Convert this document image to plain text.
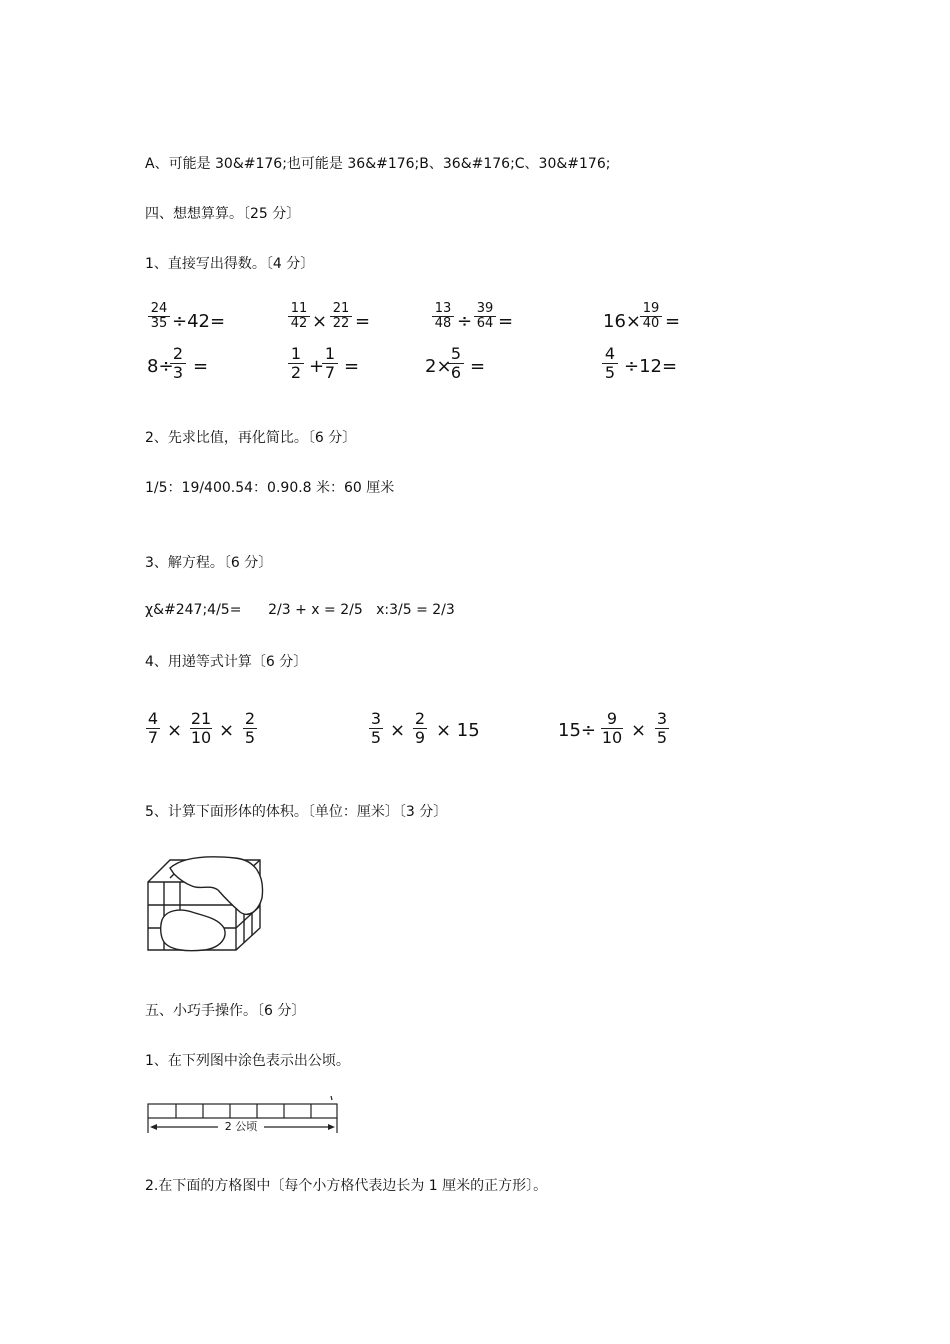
A、可能是 30&#176;也可能是 36&#176;B、36&#176;C、30&#176;
四、想想算算。〔25 分〕
1、直接写出得数。〔4 分〕
24
35 ÷42=
11
42 ×
21
22 =
13
48 ÷
39
64 =	16×
19
40 =
8÷
2
3 =
1
2 +
1
7 =	2×
5
6 =
4
5 ÷12=
2、先求比值，再化简比。〔6 分〕
1/5：19/400.54：0.90.8 米：60 厘米
3、解方程。〔6 分〕
χ&#247;4/5=      2/3 + x = 2/5   x:3/5 = 2/3
4、用递等式计算〔6 分〕
4
7 ×
21
10 ×
2
5
3
5 ×
2
9 × 15	15÷
9
10 ×
3
5
5、计算下面形体的体积。〔单位：厘米〕〔3 分〕
五、小巧手操作。〔6 分〕
1、在下列图中涂色表示出公顷。
2 公顷
2.在下面的方格图中〔每个小方格代表边长为 1 厘米的正方形〕。
